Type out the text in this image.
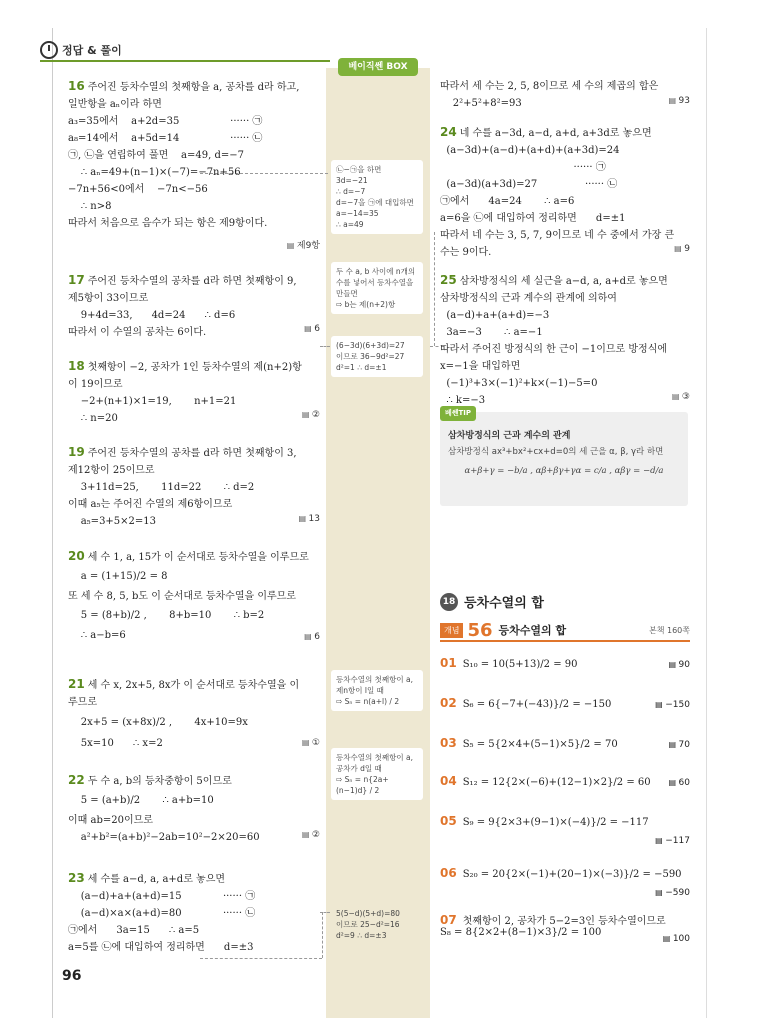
정답 & 풀이
베이직쎈 BOX
㉡−㉠을 하면
3d=−21
∴ d=−7
d=−7을 ㉠에 대입하면
a=−14=35
∴ a=49
두 수 a, b 사이에 n개의
수를 넣어서 등차수열을
만들면
⇨ b는 제(n+2)항
(6−3d)(6+3d)=27
이므로 36−9d²=27
d²=1 ∴ d=±1
등차수열의 첫째항이 a,
제n항이 l일 때
⇨ Sₙ = n(a+l) / 2
등차수열의 첫째항이 a,
공차가 d일 때
⇨ Sₙ = n{2a+(n−1)d} / 2
5(5−d)(5+d)=80
이므로 25−d²=16
d²=9 ∴ d=±3
16 주어진 등차수열의 첫째항을 a, 공차를 d라 하고,
일반항을 aₙ이라 하면
a₃=35에서    a+2d=35                ······ ㉠
a₈=14에서    a+5d=14                ······ ㉡
㉠, ㉡을 연립하여 풀면    a=49, d=−7
∴ aₙ=49+(n−1)×(−7)=−7n+56
−7n+56<0에서    −7n<−56
∴ n>8
따라서 처음으로 음수가 되는 항은 제9항이다.
▤ 제9항
17 주어진 등차수열의 공차를 d라 하면 첫째항이 9,
제5항이 33이므로
9+4d=33,      4d=24      ∴ d=6
따라서 이 수열의 공차는 6이다.	▤ 6
18 첫째항이 −2, 공차가 1인 등차수열의 제(n+2)항
이 19이므로
−2+(n+1)×1=19,       n+1=21
∴ n=20	▤ ②
19 주어진 등차수열의 공차를 d라 하면 첫째항이 3,
제12항이 25이므로
3+11d=25,       11d=22       ∴ d=2
이때 a₅는 주어진 수열의 제6항이므로
a₅=3+5×2=13	▤ 13
20 세 수 1, a, 15가 이 순서대로 등차수열을 이루므로
a = (1+15)/2 = 8
또 세 수 8, 5, b도 이 순서대로 등차수열을 이루므로
5 = (8+b)/2 ,       8+b=10       ∴ b=2
∴ a−b=6	▤ 6
21 세 수 x, 2x+5, 8x가 이 순서대로 등차수열을 이
루므로
2x+5 = (x+8x)/2 ,       4x+10=9x
5x=10      ∴ x=2	▤ ①
22 두 수 a, b의 등차중항이 5이므로
5 = (a+b)/2       ∴ a+b=10
이때 ab=20이므로
a²+b²=(a+b)²−2ab=10²−2×20=60	▤ ②
23 세 수를 a−d, a, a+d로 놓으면
(a−d)+a+(a+d)=15             ······ ㉠
(a−d)×a×(a+d)=80             ······ ㉡
㉠에서      3a=15      ∴ a=5
a=5를 ㉡에 대입하여 정리하면      d=±3
96
따라서 세 수는 2, 5, 8이므로 세 수의 제곱의 합은
2²+5²+8²=93	▤ 93
24 네 수를 a−3d, a−d, a+d, a+3d로 놓으면
(a−3d)+(a−d)+(a+d)+(a+3d)=24
······ ㉠
(a−3d)(a+3d)=27               ······ ㉡
㉠에서      4a=24       ∴ a=6
a=6을 ㉡에 대입하여 정리하면      d=±1
따라서 네 수는 3, 5, 7, 9이므로 네 수 중에서 가장 큰
수는 9이다.	▤ 9
25 삼차방정식의 세 실근을 a−d, a, a+d로 놓으면
삼차방정식의 근과 계수의 관계에 의하여
(a−d)+a+(a+d)=−3
3a=−3       ∴ a=−1
따라서 주어진 방정식의 한 근이 −1이므로 방정식에
x=−1을 대입하면
(−1)³+3×(−1)²+k×(−1)−5=0
∴ k=−3	▤ ③
베쎈TIP
삼차방정식의 근과 계수의 관계
삼차방정식 ax³+bx²+cx+d=0의 세 근을 α, β, γ라 하면
α+β+γ = −b/a , αβ+βγ+γα = c/a , αβγ = −d/a
18 등차수열의 합
개념 56 등차수열의 합	본책 160쪽
01 S₁₀ = 10(5+13)/2 = 90	▤ 90
02 S₆ = 6{−7+(−43)}/2 = −150	▤ −150
03 S₅ = 5{2×4+(5−1)×5}/2 = 70	▤ 70
04 S₁₂ = 12{2×(−6)+(12−1)×2}/2 = 60	▤ 60
05 S₉ = 9{2×3+(9−1)×(−4)}/2 = −117
▤ −117
06 S₂₀ = 20{2×(−1)+(20−1)×(−3)}/2 = −590
▤ −590
07 첫째항이 2, 공차가 5−2=3인 등차수열이므로
S₈ = 8{2×2+(8−1)×3}/2 = 100
▤ 100
